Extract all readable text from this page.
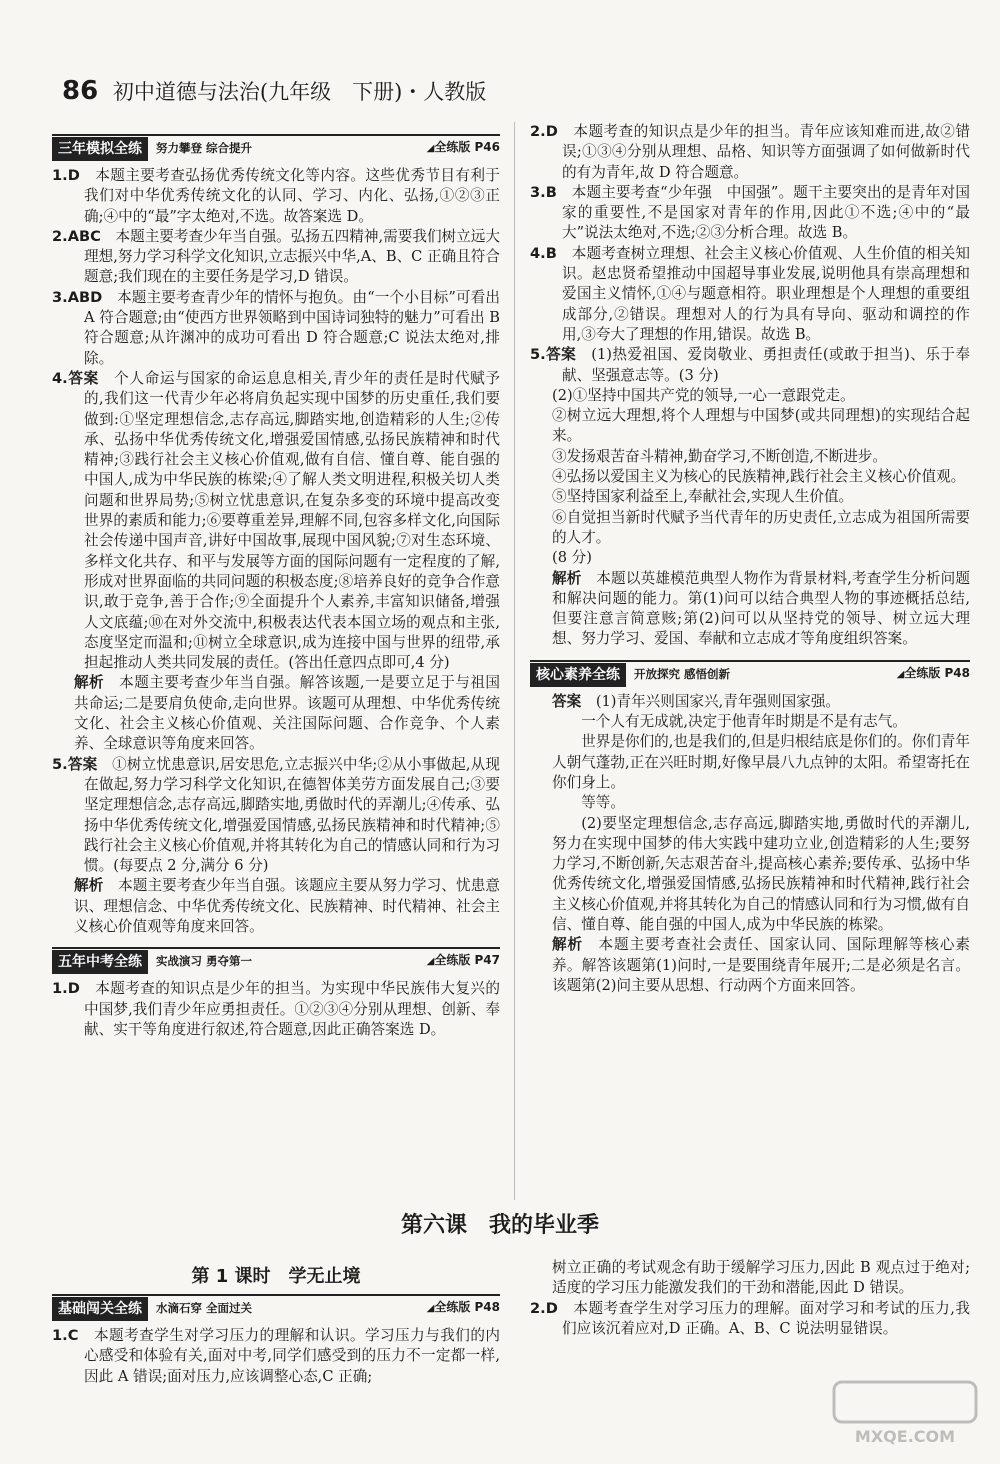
86 初中道德与法治(九年级　下册)・人教版
三年模拟全练	努力攀登 综合提升	◢ 全练版 P46

1.D　 本题主要考查弘扬优秀传统文化等内容。这些优秀节目有利于我们对中华优秀传统文化的认同、学习、内化、弘扬,①②③正确;④中的“最”字太绝对,不选。故答案选 D。

2.ABC　 本题主要考查少年当自强。弘扬五四精神,需要我们树立远大理想,努力学习科学文化知识,立志振兴中华,A、B、C 正确且符合题意;我们现在的主要任务是学习,D 错误。

3.ABD　 本题主要考查青少年的情怀与抱负。由“一个小目标”可看出 A 符合题意;由“使西方世界领略到中国诗词独特的魅力”可看出 B 符合题意;从许渊冲的成功可看出 D 符合题意;C 说法太绝对,排除。

4.答案　 个人命运与国家的命运息息相关,青少年的责任是时代赋予的,我们这一代青少年必将肩负起实现中国梦的历史重任,我们要做到:①坚定理想信念,志存高远,脚踏实地,创造精彩的人生;②传承、弘扬中华优秀传统文化,增强爱国情感,弘扬民族精神和时代精神;③践行社会主义核心价值观,做有自信、懂自尊、能自强的中国人,成为中华民族的栋梁;④了解人类文明进程,积极关切人类问题和世界局势;⑤树立忧患意识,在复杂多变的环境中提高改变世界的素质和能力;⑥要尊重差异,理解不同,包容多样文化,向国际社会传递中国声音,讲好中国故事,展现中国风貌;⑦对生态环境、多样文化共存、和平与发展等方面的国际问题有一定程度的了解,形成对世界面临的共同问题的积极态度;⑧培养良好的竞争合作意识,敢于竞争,善于合作;⑨全面提升个人素养,丰富知识储备,增强人文底蕴;⑩在对外交流中,积极表达代表本国立场的观点和主张,态度坚定而温和;⑪树立全球意识,成为连接中国与世界的纽带,承担起推动人类共同发展的责任。(答出任意四点即可,4 分)

解析　 本题主要考查少年当自强。解答该题,一是要立足于与祖国共命运;二是要肩负使命,走向世界。该题可从理想、中华优秀传统文化、社会主义核心价值观、关注国际问题、合作竞争、个人素养、全球意识等角度来回答。

5.答案　 ①树立忧患意识,居安思危,立志振兴中华;②从小事做起,从现在做起,努力学习科学文化知识,在德智体美劳方面发展自己;③要坚定理想信念,志存高远,脚踏实地,勇做时代的弄潮儿;④传承、弘扬中华优秀传统文化,增强爱国情感,弘扬民族精神和时代精神;⑤践行社会主义核心价值观,并将其转化为自己的情感认同和行为习惯。(每要点 2 分,满分 6 分)

解析　 本题主要考查少年当自强。该题应主要从努力学习、忧患意识、理想信念、中华优秀传统文化、民族精神、时代精神、社会主义核心价值观等角度来回答。

五年中考全练	实战演习 勇夺第一	◢ 全练版 P47

1.D　 本题考查的知识点是少年的担当。为实现中华民族伟大复兴的中国梦,我们青少年应勇担责任。①②③④分别从理想、创新、奉献、实干等角度进行叙述,符合题意,因此正确答案选 D。

2.D　 本题考查的知识点是少年的担当。青年应该知难而进,故②错误;①③④分别从理想、品格、知识等方面强调了如何做新时代的有为青年,故 D 符合题意。

3.B　 本题主要考查“少年强　中国强”。题干主要突出的是青年对国家的重要性,不是国家对青年的作用,因此①不选;④中的“最大”说法太绝对,不选;②③分析合理。故选 B。

4.B　 本题考查树立理想、社会主义核心价值观、人生价值的相关知识。赵忠贤希望推动中国超导事业发展,说明他具有崇高理想和爱国主义情怀,①④与题意相符。职业理想是个人理想的重要组成部分,②错误。理想对人的行为具有导向、驱动和调控的作用,③夸大了理想的作用,错误。故选 B。

5.答案　 (1)热爱祖国、爱岗敬业、勇担责任(或敢于担当)、乐于奉献、坚强意志等。(3 分)

(2)①坚持中国共产党的领导,一心一意跟党走。

②树立远大理想,将个人理想与中国梦(或共同理想)的实现结合起来。

③发扬艰苦奋斗精神,勤奋学习,不断创造,不断进步。

④弘扬以爱国主义为核心的民族精神,践行社会主义核心价值观。

⑤坚持国家利益至上,奉献社会,实现人生价值。

⑥自觉担当新时代赋予当代青年的历史责任,立志成为祖国所需要的人才。

(8 分)

解析　 本题以英雄模范典型人物作为背景材料,考查学生分析问题和解决问题的能力。第(1)问可以结合典型人物的事迹概括总结,但要注意言简意赅;第(2)问可以从坚持党的领导、树立远大理想、努力学习、爱国、奉献和立志成才等角度组织答案。

核心素养全练	开放探究 感悟创新	◢ 全练版 P48

答案　 (1)青年兴则国家兴,青年强则国家强。

一个人有无成就,决定于他青年时期是不是有志气。

世界是你们的,也是我们的,但是归根结底是你们的。你们青年人朝气蓬勃,正在兴旺时期,好像早晨八九点钟的太阳。希望寄托在你们身上。

等等。

(2)要坚定理想信念,志存高远,脚踏实地,勇做时代的弄潮儿,努力在实现中国梦的伟大实践中建功立业,创造精彩的人生;要努力学习,不断创新,矢志艰苦奋斗,提高核心素养;要传承、弘扬中华优秀传统文化,增强爱国情感,弘扬民族精神和时代精神,践行社会主义核心价值观,并将其转化为自己的情感认同和行为习惯,做有自信、懂自尊、能自强的中国人,成为中华民族的栋梁。

解析　 本题主要考查社会责任、国家认同、国际理解等核心素养。解答该题第(1)问时,一是要围绕青年展开;二是必须是名言。该题第(2)问主要从思想、行动两个方面来回答。

第六课　我的毕业季
第 1 课时　学无止境
基础闯关全练	水滴石穿 全面过关	◢ 全练版 P48

1.C　 本题考查学生对学习压力的理解和认识。学习压力与我们的内心感受和体验有关,面对中考,同学们感受到的压力不一定都一样,因此 A 错误;面对压力,应该调整心态,C 正确;

树立正确的考试观念有助于缓解学习压力,因此 B 观点过于绝对;适度的学习压力能激发我们的干劲和潜能,因此 D 错误。

2.D　 本题考查学生对学习压力的理解。面对学习和考试的压力,我们应该沉着应对,D 正确。A、B、C 说法明显错误。

MXQE.COM
